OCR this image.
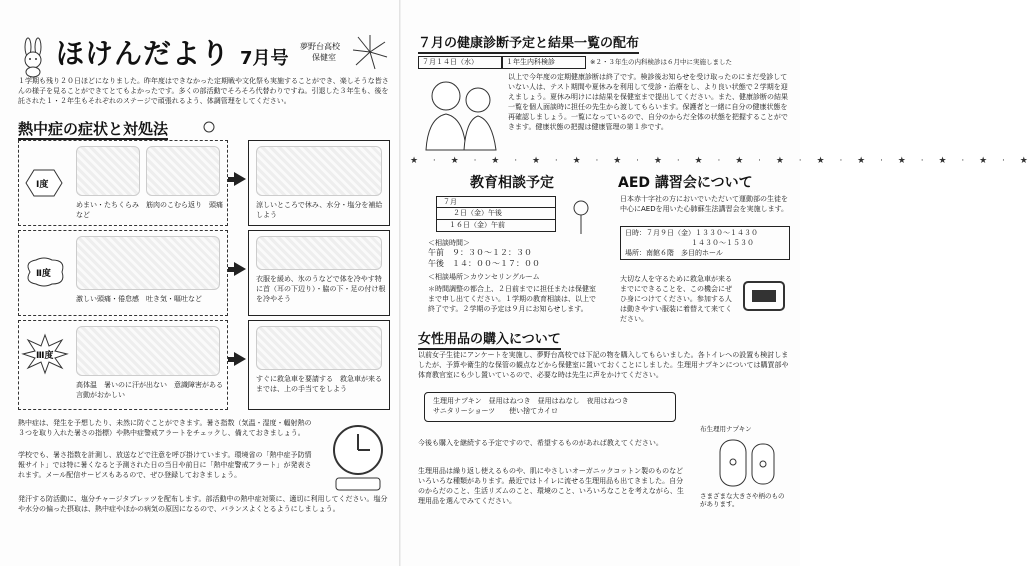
ほけんだより 7月号
夢野台高校
保健室
１学期も残り２０日ほどになりました。昨年度はできなかった定期戦や文化祭も実施することができ、楽しそうな皆さんの様子を見ることができてとてもよかったです。多くの部活動でそろそろ代替わりですね。引退した３年生も、後を託された１・２年生もそれぞれのステージで頑張れるよう、体調管理をしてください。
熱中症の症状と対処法
Ⅰ度
めまい・たちくらみ　筋肉のこむら返り　頭痛など
涼しいところで休み、水分・塩分を補給しよう
Ⅱ度
激しい頭痛・倦怠感　吐き気・嘔吐など
衣服を緩め、氷のうなどで体を冷やす特に首（耳の下辺り）・脇の下・足の付け根を冷やそう
Ⅲ度
高体温　暑いのに汗が出ない　意識障害がある　言動がおかしい
すぐに救急車を要請する　救急車が来るまでは、上の手当てをしよう
熱中症は、発生を予想したり、未然に防ぐことができます。暑さ指数（気温・湿度・輻射熱の３つを取り入れた暑さの指標）や熱中症警戒アラートをチェックし、備えておきましょう。
学校でも、暑さ指数を計測し、放送などで注意を呼び掛けています。環境省の「熱中症予防情報サイト」では特に暑くなると予測された日の当日や前日に「熱中症警戒アラート」が発表されます。メール配信サービスもあるので、ぜひ登録しておきましょう。
発汗する防活動に、塩分チャージタブレッツを配布します。部活動中の熱中症対策に、適切に利用してください。塩分や水分の偏った摂取は、熱中症やほかの病気の原因になるので、バランスよくとるようにしましょう。
７月の健康診断予定と結果一覧の配布
７月１４日（水）	１年生内科検診	※２・３年生の内科検診は６月中に実施しました
以上で今年度の定期健康診断は終了です。検診後お知らせを受け取ったのにまだ受診していない人は、テスト期間や夏休みを利用して受診・治療をし、より良い状態で２学期を迎えましょう。夏休み明けには結果を保健室まで提出してください。また、健康診断の結果一覧を個人面談時に担任の先生から渡してもらいます。保護者と一緒に自分の健康状態を再確認しましょう。一覧になっているので、自分のからだ全体の状態を把握することができます。健康状態の把握は健康管理の第１歩です。
★ · ★ · ★ · ★ · ★ · ★ · ★ · ★ · ★ · ★ · ★ · ★ · ★ · ★ · ★ · ★
教育相談予定
７月
２日（金）午後
１６日（金）午前
＜相談時間＞
午前　９：３０～１２：３０
午後　１４：００～１７：００
＜相談場所＞カウンセリングルーム
＊時間調整の都合上、２日前までに担任または保健室まで申し出てください。１学期の教育相談は、以上で終了です。２学期の予定は９月にお知らせします。
AED 講習会について
日本赤十字社の方においでいただいて運動部の生徒を中心にAEDを用いた心肺蘇生法講習会を実施します。
日時：７月９日（金）１３３０～１４３０
１４３０～１５３０
場所：南館６階　多目的ホール
大切な人を守るために救急車が来るまでにできることを、この機会にぜひ身につけてください。参加する人は動きやすい服装に着替えて来てください。
女性用品の購入について
以前女子生徒にアンケートを実施し、夢野台高校では下記の物を購入してもらいました。各トイレへの設置も検討しましたが、予算や衛生的な保管の観点などから保健室に置いておくことにしました。生理用ナプキンについては購買部や体育教官室にも少し置いているので、必要な時は先生に声をかけてください。
生理用ナプキン　昼用はねつき　昼用はねなし　夜用はねつき
サニタリーショーツ　　使い捨てカイロ
今後も購入を継続する予定ですので、希望するものがあれば教えてください。
生理用品は繰り返し使えるものや、肌にやさしいオーガニックコットン製のものなどいろいろな種類があります。最近ではトイレに流せる生理用品も出てきました。自分のからだのこと、生活リズムのこと、環境のこと、いろいろなことを考えながら、生理用品を選んでみてください。
布生理用ナプキン
さまざまな大きさや柄のものがあります。
